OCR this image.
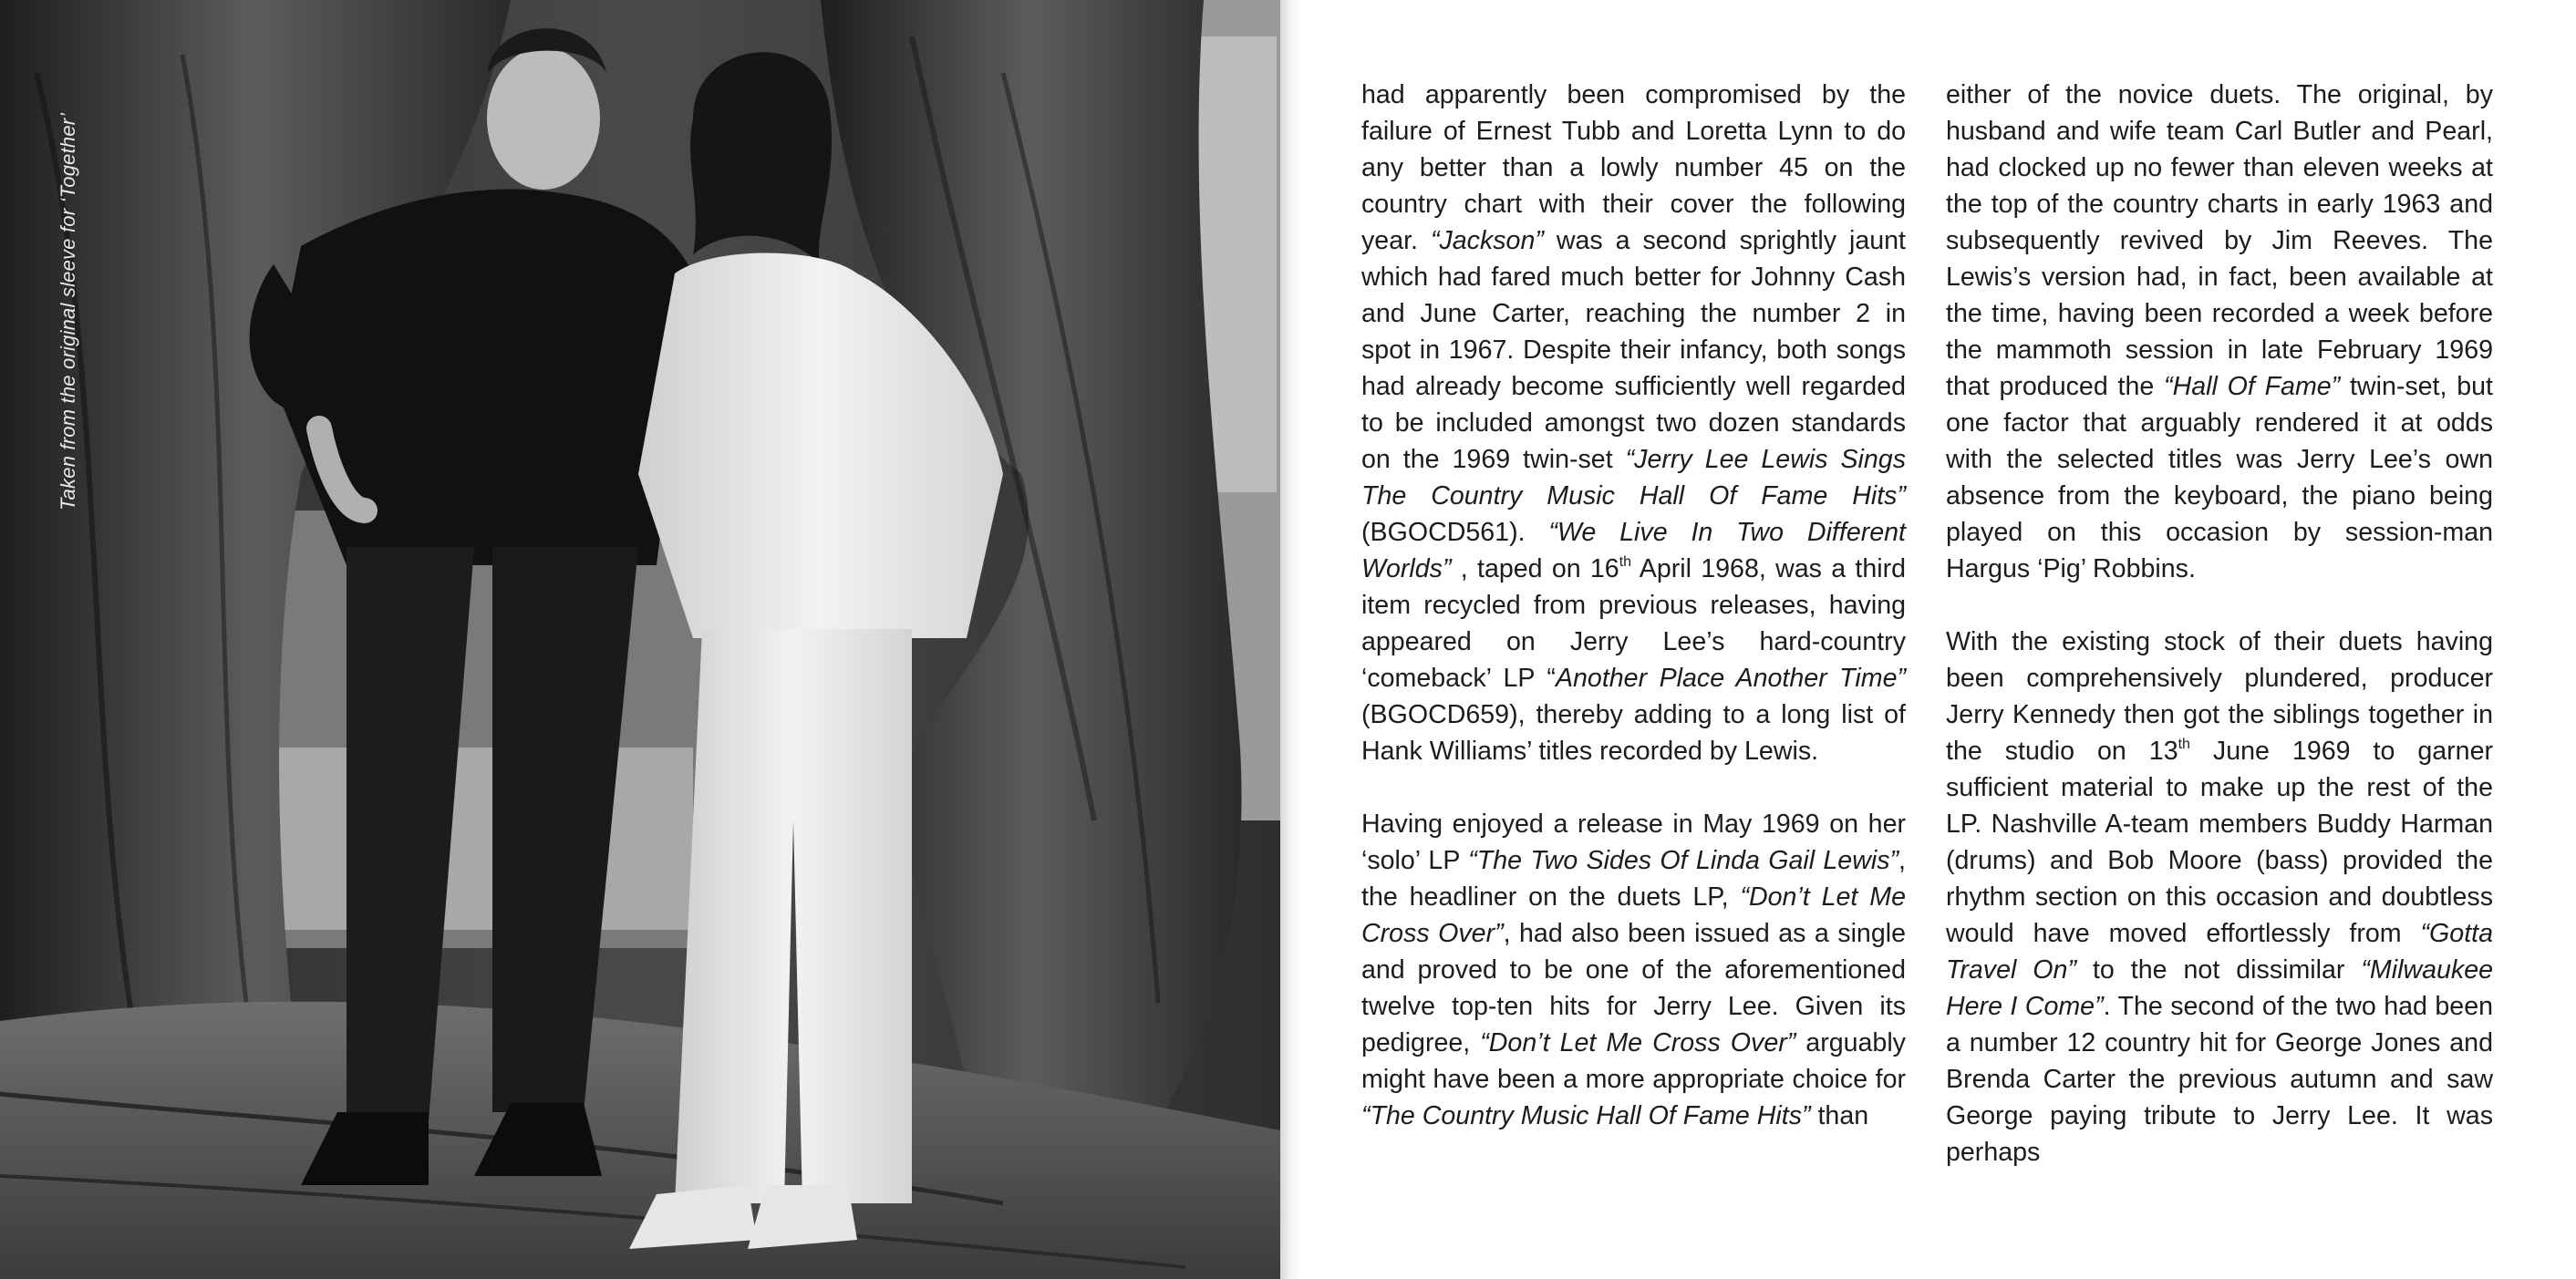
Taken from the original sleeve for ‘Together’

had apparently been compromised by the failure of Ernest Tubb and Loretta Lynn to do any better than a lowly number 45 on the country chart with their cover the following year. “Jackson” was a second sprightly jaunt which had fared much better for Johnny Cash and June Carter, reaching the number 2 in spot in 1967. Despite their infancy, both songs had already become sufficiently well regarded to be included amongst two dozen standards on the 1969 twin-set “Jerry Lee Lewis Sings The Country Music Hall Of Fame Hits” (BGOCD561). “We Live In Two Different Worlds” , taped on 16th April 1968, was a third item recycled from previous releases, having appeared on Jerry Lee’s hard-country ‘comeback’ LP “Another Place Another Time” (BGOCD659), thereby adding to a long list of Hank Williams’ titles recorded by Lewis.

Having enjoyed a release in May 1969 on her ‘solo’ LP “The Two Sides Of Linda Gail Lewis”, the headliner on the duets LP, “Don’t Let Me Cross Over”, had also been issued as a single and proved to be one of the aforementioned twelve top-ten hits for Jerry Lee. Given its pedigree, “Don’t Let Me Cross Over” arguably might have been a more appropriate choice for “The Country Music Hall Of Fame Hits” than

either of the novice duets. The original, by husband and wife team Carl Butler and Pearl, had clocked up no fewer than eleven weeks at the top of the country charts in early 1963 and subsequently revived by Jim Reeves. The Lewis’s version had, in fact, been available at the time, having been recorded a week before the mammoth session in late February 1969 that produced the “Hall Of Fame” twin-set, but one factor that arguably rendered it at odds with the selected titles was Jerry Lee’s own absence from the keyboard, the piano being played on this occasion by session-man Hargus ‘Pig’ Robbins.

With the existing stock of their duets having been comprehensively plundered, producer Jerry Kennedy then got the siblings together in the studio on 13th June 1969 to garner sufficient material to make up the rest of the LP. Nashville A-team members Buddy Harman (drums) and Bob Moore (bass) provided the rhythm section on this occasion and doubtless would have moved effortlessly from “Gotta Travel On” to the not dissimilar “Milwaukee Here I Come”. The second of the two had been a number 12 country hit for George Jones and Brenda Carter the previous autumn and saw George paying tribute to Jerry Lee. It was perhaps
